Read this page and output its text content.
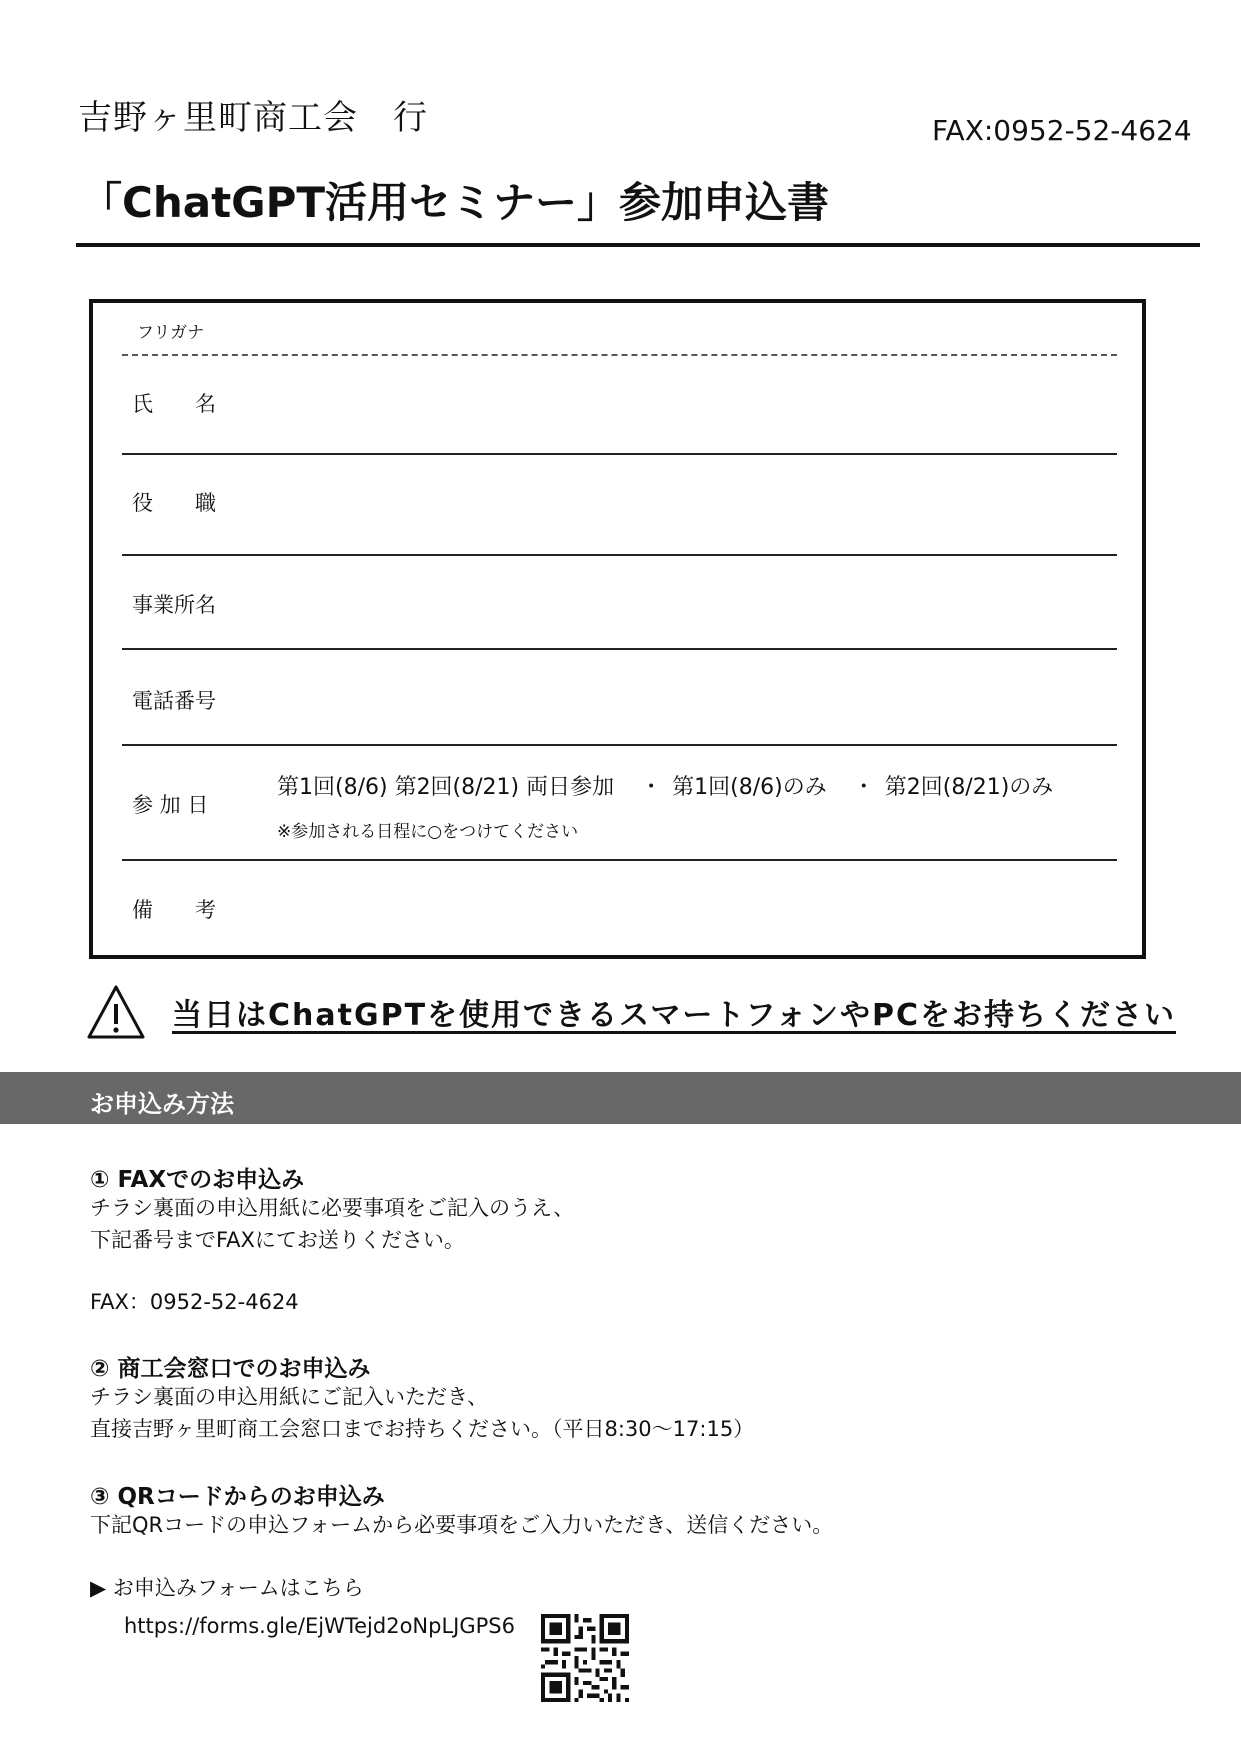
吉野ヶ里町商工会　行	FAX:0952-52-4624
「ChatGPT活用セミナー」参加申込書
フリガナ
氏　　名
役　　職
事業所名
電話番号
参 加 日
第1回(8/6) 第2回(8/21) 両日参加 ・ 第1回(8/6)のみ ・ 第2回(8/21)のみ
※参加される日程に○をつけてください
備　　考
当日はChatGPTを使用できるスマートフォンやPCをお持ちください
お申込み方法
① FAXでのお申込み
チラシ裏面の申込用紙に必要事項をご記入のうえ、
下記番号までFAXにてお送りください。
FAX：0952-52-4624
② 商工会窓口でのお申込み
チラシ裏面の申込用紙にご記入いただき、
直接吉野ヶ里町商工会窓口までお持ちください。（平日8:30〜17:15）
③ QRコードからのお申込み
下記QRコードの申込フォームから必要事項をご入力いただき、送信ください。
▶ お申込みフォームはこちら
https://forms.gle/EjWTejd2oNpLJGPS6
